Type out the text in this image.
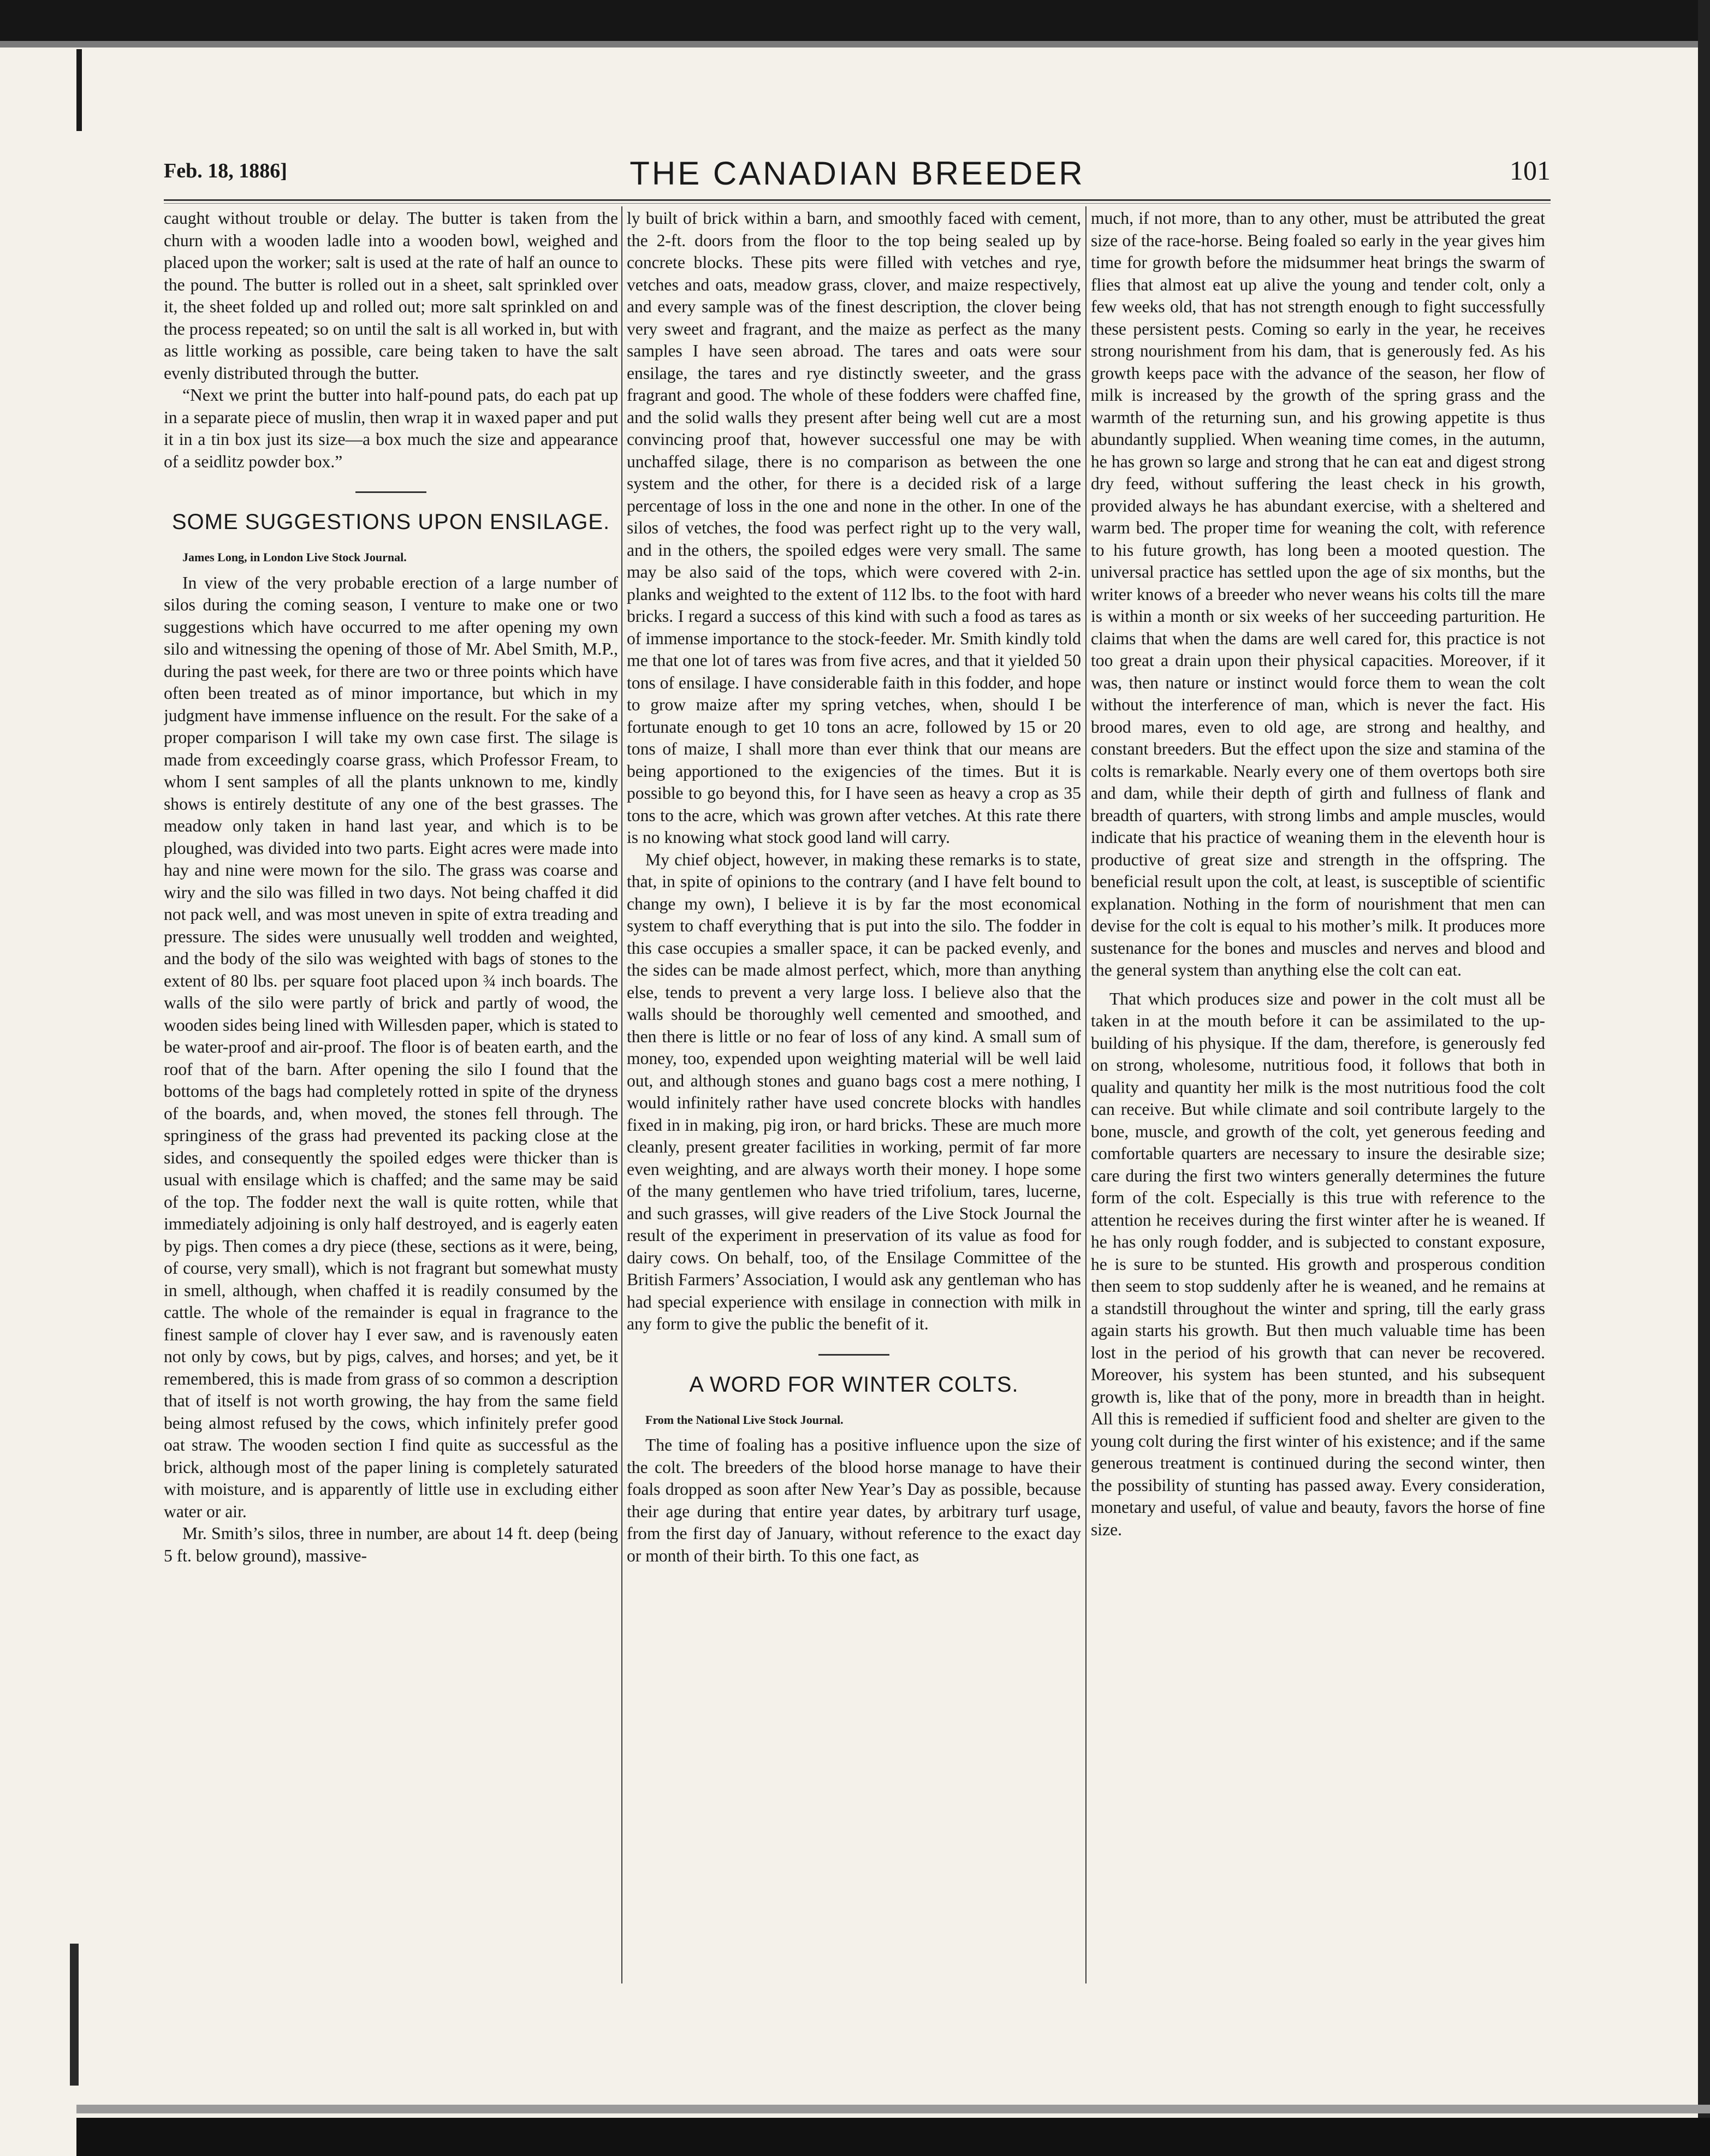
Feb. 18, 1886]	THE CANADIAN BREEDER	101

caught without trouble or delay. The butter is taken from the churn with a wooden ladle into a wooden bowl, weighed and placed upon the worker; salt is used at the rate of half an ounce to the pound. The butter is rolled out in a sheet, salt sprinkled over it, the sheet folded up and rolled out; more salt sprinkled on and the process repeated; so on until the salt is all worked in, but with as little working as possible, care being taken to have the salt evenly distributed through the butter.

“Next we print the butter into half-pound pats, do each pat up in a separate piece of muslin, then wrap it in waxed paper and put it in a tin box just its size—a box much the size and appearance of a seidlitz powder box.”

SOME SUGGESTIONS UPON ENSILAGE.
James Long, in London Live Stock Journal.

In view of the very probable erection of a large number of silos during the coming season, I venture to make one or two suggestions which have occurred to me after opening my own silo and witnessing the opening of those of Mr. Abel Smith, M.P., during the past week, for there are two or three points which have often been treated as of minor importance, but which in my judgment have immense influence on the result. For the sake of a proper comparison I will take my own case first. The silage is made from exceedingly coarse grass, which Professor Fream, to whom I sent samples of all the plants unknown to me, kindly shows is entirely destitute of any one of the best grasses. The meadow only taken in hand last year, and which is to be ploughed, was divided into two parts. Eight acres were made into hay and nine were mown for the silo. The grass was coarse and wiry and the silo was filled in two days. Not being chaffed it did not pack well, and was most uneven in spite of extra treading and pressure. The sides were unusually well trodden and weighted, and the body of the silo was weighted with bags of stones to the extent of 80 lbs. per square foot placed upon ¾ inch boards. The walls of the silo were partly of brick and partly of wood, the wooden sides being lined with Willesden paper, which is stated to be water-proof and air-proof. The floor is of beaten earth, and the roof that of the barn. After opening the silo I found that the bottoms of the bags had completely rotted in spite of the dryness of the boards, and, when moved, the stones fell through. The springiness of the grass had prevented its packing close at the sides, and consequently the spoiled edges were thicker than is usual with ensilage which is chaffed; and the same may be said of the top. The fodder next the wall is quite rotten, while that immediately adjoining is only half destroyed, and is eagerly eaten by pigs. Then comes a dry piece (these, sections as it were, being, of course, very small), which is not fragrant but somewhat musty in smell, although, when chaffed it is readily consumed by the cattle. The whole of the remainder is equal in fragrance to the finest sample of clover hay I ever saw, and is ravenously eaten not only by cows, but by pigs, calves, and horses; and yet, be it remembered, this is made from grass of so common a description that of itself is not worth growing, the hay from the same field being almost refused by the cows, which infinitely prefer good oat straw. The wooden section I find quite as successful as the brick, although most of the paper lining is completely saturated with moisture, and is apparently of little use in excluding either water or air.

Mr. Smith’s silos, three in number, are about 14 ft. deep (being 5 ft. below ground), massive-

ly built of brick within a barn, and smoothly faced with cement, the 2-ft. doors from the floor to the top being sealed up by concrete blocks. These pits were filled with vetches and rye, vetches and oats, meadow grass, clover, and maize respectively, and every sample was of the finest description, the clover being very sweet and fragrant, and the maize as perfect as the many samples I have seen abroad. The tares and oats were sour ensilage, the tares and rye distinctly sweeter, and the grass fragrant and good. The whole of these fodders were chaffed fine, and the solid walls they present after being well cut are a most convincing proof that, however successful one may be with unchaffed silage, there is no comparison as between the one system and the other, for there is a decided risk of a large percentage of loss in the one and none in the other. In one of the silos of vetches, the food was perfect right up to the very wall, and in the others, the spoiled edges were very small. The same may be also said of the tops, which were covered with 2-in. planks and weighted to the extent of 112 lbs. to the foot with hard bricks. I regard a success of this kind with such a food as tares as of immense importance to the stock-feeder. Mr. Smith kindly told me that one lot of tares was from five acres, and that it yielded 50 tons of ensilage. I have considerable faith in this fodder, and hope to grow maize after my spring vetches, when, should I be fortunate enough to get 10 tons an acre, followed by 15 or 20 tons of maize, I shall more than ever think that our means are being apportioned to the exigencies of the times. But it is possible to go beyond this, for I have seen as heavy a crop as 35 tons to the acre, which was grown after vetches. At this rate there is no knowing what stock good land will carry.

My chief object, however, in making these remarks is to state, that, in spite of opinions to the contrary (and I have felt bound to change my own), I believe it is by far the most economical system to chaff everything that is put into the silo. The fodder in this case occupies a smaller space, it can be packed evenly, and the sides can be made almost perfect, which, more than anything else, tends to prevent a very large loss. I believe also that the walls should be thoroughly well cemented and smoothed, and then there is little or no fear of loss of any kind. A small sum of money, too, expended upon weighting material will be well laid out, and although stones and guano bags cost a mere nothing, I would infinitely rather have used concrete blocks with handles fixed in in making, pig iron, or hard bricks. These are much more cleanly, present greater facilities in working, permit of far more even weighting, and are always worth their money. I hope some of the many gentlemen who have tried trifolium, tares, lucerne, and such grasses, will give readers of the Live Stock Journal the result of the experiment in preservation of its value as food for dairy cows. On behalf, too, of the Ensilage Committee of the British Farmers’ Association, I would ask any gentleman who has had special experience with ensilage in connection with milk in any form to give the public the benefit of it.

A WORD FOR WINTER COLTS.
From the National Live Stock Journal.

The time of foaling has a positive influence upon the size of the colt. The breeders of the blood horse manage to have their foals dropped as soon after New Year’s Day as possible, because their age during that entire year dates, by arbitrary turf usage, from the first day of January, without reference to the exact day or month of their birth. To this one fact, as

much, if not more, than to any other, must be attributed the great size of the race-horse. Being foaled so early in the year gives him time for growth before the midsummer heat brings the swarm of flies that almost eat up alive the young and tender colt, only a few weeks old, that has not strength enough to fight successfully these persistent pests. Coming so early in the year, he receives strong nourishment from his dam, that is generously fed. As his growth keeps pace with the advance of the season, her flow of milk is increased by the growth of the spring grass and the warmth of the returning sun, and his growing appetite is thus abundantly supplied. When weaning time comes, in the autumn, he has grown so large and strong that he can eat and digest strong dry feed, without suffering the least check in his growth, provided always he has abundant exercise, with a sheltered and warm bed. The proper time for weaning the colt, with reference to his future growth, has long been a mooted question. The universal practice has settled upon the age of six months, but the writer knows of a breeder who never weans his colts till the mare is within a month or six weeks of her succeeding parturition. He claims that when the dams are well cared for, this practice is not too great a drain upon their physical capacities. Moreover, if it was, then nature or instinct would force them to wean the colt without the interference of man, which is never the fact. His brood mares, even to old age, are strong and healthy, and constant breeders. But the effect upon the size and stamina of the colts is remarkable. Nearly every one of them overtops both sire and dam, while their depth of girth and fullness of flank and breadth of quarters, with strong limbs and ample muscles, would indicate that his practice of weaning them in the eleventh hour is productive of great size and strength in the offspring. The beneficial result upon the colt, at least, is susceptible of scientific explanation. Nothing in the form of nourishment that men can devise for the colt is equal to his mother’s milk. It produces more sustenance for the bones and muscles and nerves and blood and the general system than anything else the colt can eat.

That which produces size and power in the colt must all be taken in at the mouth before it can be assimilated to the up-building of his physique. If the dam, therefore, is generously fed on strong, wholesome, nutritious food, it follows that both in quality and quantity her milk is the most nutritious food the colt can receive. But while climate and soil contribute largely to the bone, muscle, and growth of the colt, yet generous feeding and comfortable quarters are necessary to insure the desirable size; care during the first two winters generally determines the future form of the colt. Especially is this true with reference to the attention he receives during the first winter after he is weaned. If he has only rough fodder, and is subjected to constant exposure, he is sure to be stunted. His growth and prosperous condition then seem to stop suddenly after he is weaned, and he remains at a standstill throughout the winter and spring, till the early grass again starts his growth. But then much valuable time has been lost in the period of his growth that can never be recovered. Moreover, his system has been stunted, and his subsequent growth is, like that of the pony, more in breadth than in height. All this is remedied if sufficient food and shelter are given to the young colt during the first winter of his existence; and if the same generous treatment is continued during the second winter, then the possibility of stunting has passed away. Every consideration, monetary and useful, of value and beauty, favors the horse of fine size.
